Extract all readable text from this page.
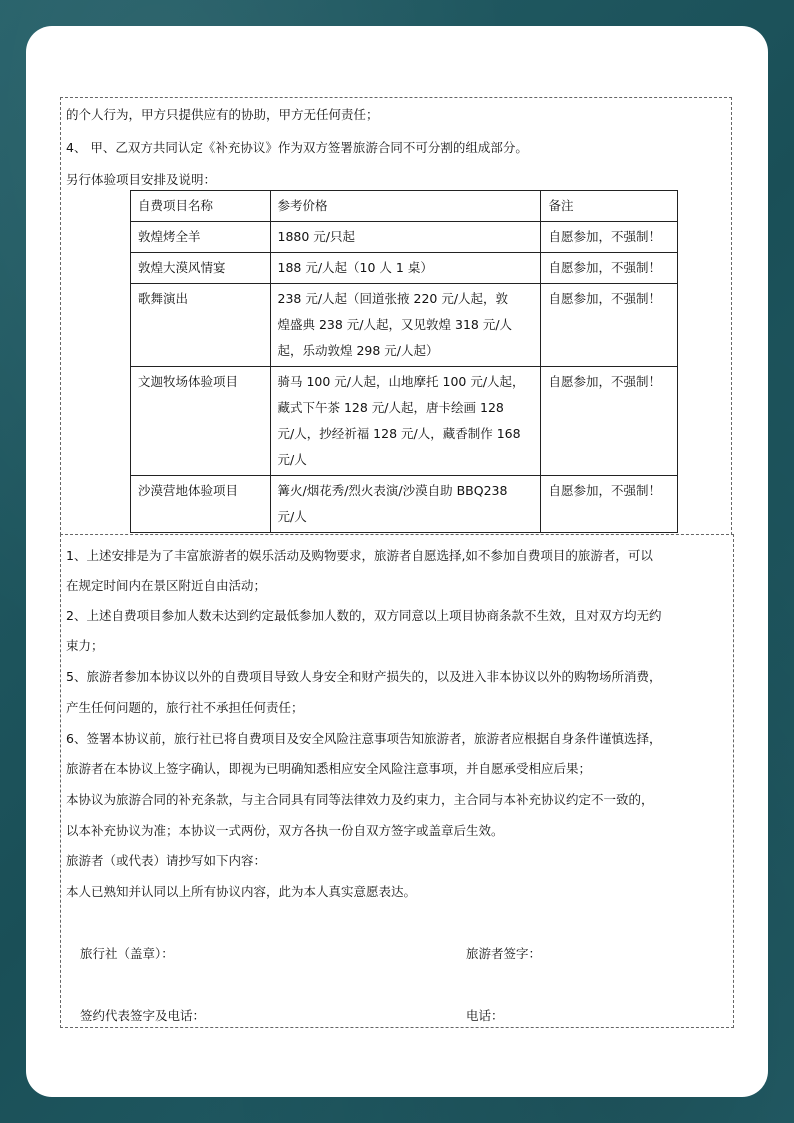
的个人行为，甲方只提供应有的协助，甲方无任何责任；
4、 甲、乙双方共同认定《补充协议》作为双方签署旅游合同不可分割的组成部分。
另行体验项目安排及说明：
自费项目名称	参考价格	备注
敦煌烤全羊	1880 元/只起	自愿参加，不强制！
敦煌大漠风情宴	188 元/人起（10 人 1 桌）	自愿参加，不强制！
歌舞演出	238 元/人起（回道张掖 220 元/人起，敦
煌盛典 238 元/人起，又见敦煌 318 元/人
起，乐动敦煌 298 元/人起）	自愿参加，不强制！
文迦牧场体验项目	骑马 100 元/人起，山地摩托 100 元/人起，
藏式下午茶 128 元/人起，唐卡绘画 128
元/人，抄经祈福 128 元/人，藏香制作 168
元/人	自愿参加，不强制！
沙漠营地体验项目	篝火/烟花秀/烈火表演/沙漠自助 BBQ238
元/人	自愿参加，不强制！
1、上述安排是为了丰富旅游者的娱乐活动及购物要求，旅游者自愿选择,如不参加自费项目的旅游者，可以
在规定时间内在景区附近自由活动；
2、上述自费项目参加人数未达到约定最低参加人数的，双方同意以上项目协商条款不生效，且对双方均无约
束力；
5、旅游者参加本协议以外的自费项目导致人身安全和财产损失的，以及进入非本协议以外的购物场所消费，
产生任何问题的，旅行社不承担任何责任；
6、签署本协议前，旅行社已将自费项目及安全风险注意事项告知旅游者，旅游者应根据自身条件谨慎选择，
旅游者在本协议上签字确认，即视为已明确知悉相应安全风险注意事项，并自愿承受相应后果；
本协议为旅游合同的补充条款，与主合同具有同等法律效力及约束力，主合同与本补充协议约定不一致的，
以本补充协议为准；本协议一式两份，双方各执一份自双方签字或盖章后生效。
旅游者（或代表）请抄写如下内容：
本人已熟知并认同以上所有协议内容，此为本人真实意愿表达。
旅行社（盖章）：	旅游者签字：
签约代表签字及电话：	电话：
